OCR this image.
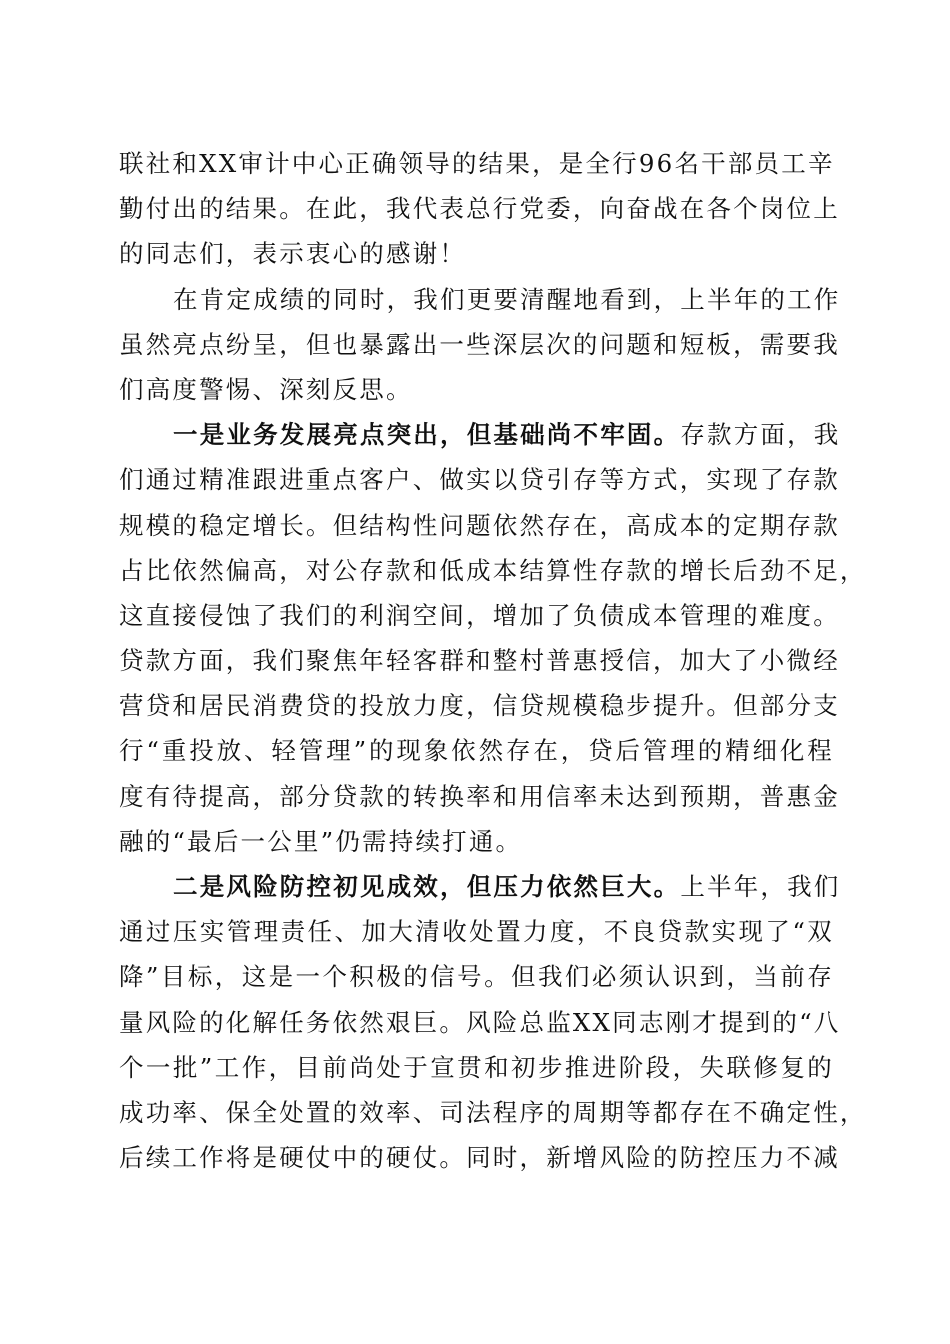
联社和XX审计中心正确领导的结果，是全行96名干部员工辛
勤付出的结果。在此，我代表总行党委，向奋战在各个岗位上
的同志们，表示衷心的感谢！
在肯定成绩的同时，我们更要清醒地看到，上半年的工作
虽然亮点纷呈，但也暴露出一些深层次的问题和短板，需要我
们高度警惕、深刻反思。
一是业务发展亮点突出，但基础尚不牢固。存款方面，我
们通过精准跟进重点客户、做实以贷引存等方式，实现了存款
规模的稳定增长。但结构性问题依然存在，高成本的定期存款
占比依然偏高，对公存款和低成本结算性存款的增长后劲不足，
这直接侵蚀了我们的利润空间，增加了负债成本管理的难度。
贷款方面，我们聚焦年轻客群和整村普惠授信，加大了小微经
营贷和居民消费贷的投放力度，信贷规模稳步提升。但部分支
行“重投放、轻管理”的现象依然存在，贷后管理的精细化程
度有待提高，部分贷款的转换率和用信率未达到预期，普惠金
融的“最后一公里”仍需持续打通。
二是风险防控初见成效，但压力依然巨大。上半年，我们
通过压实管理责任、加大清收处置力度，不良贷款实现了“双
降”目标，这是一个积极的信号。但我们必须认识到，当前存
量风险的化解任务依然艰巨。风险总监XX同志刚才提到的“八
个一批”工作，目前尚处于宣贯和初步推进阶段，失联修复的
成功率、保全处置的效率、司法程序的周期等都存在不确定性，
后续工作将是硬仗中的硬仗。同时，新增风险的防控压力不减
